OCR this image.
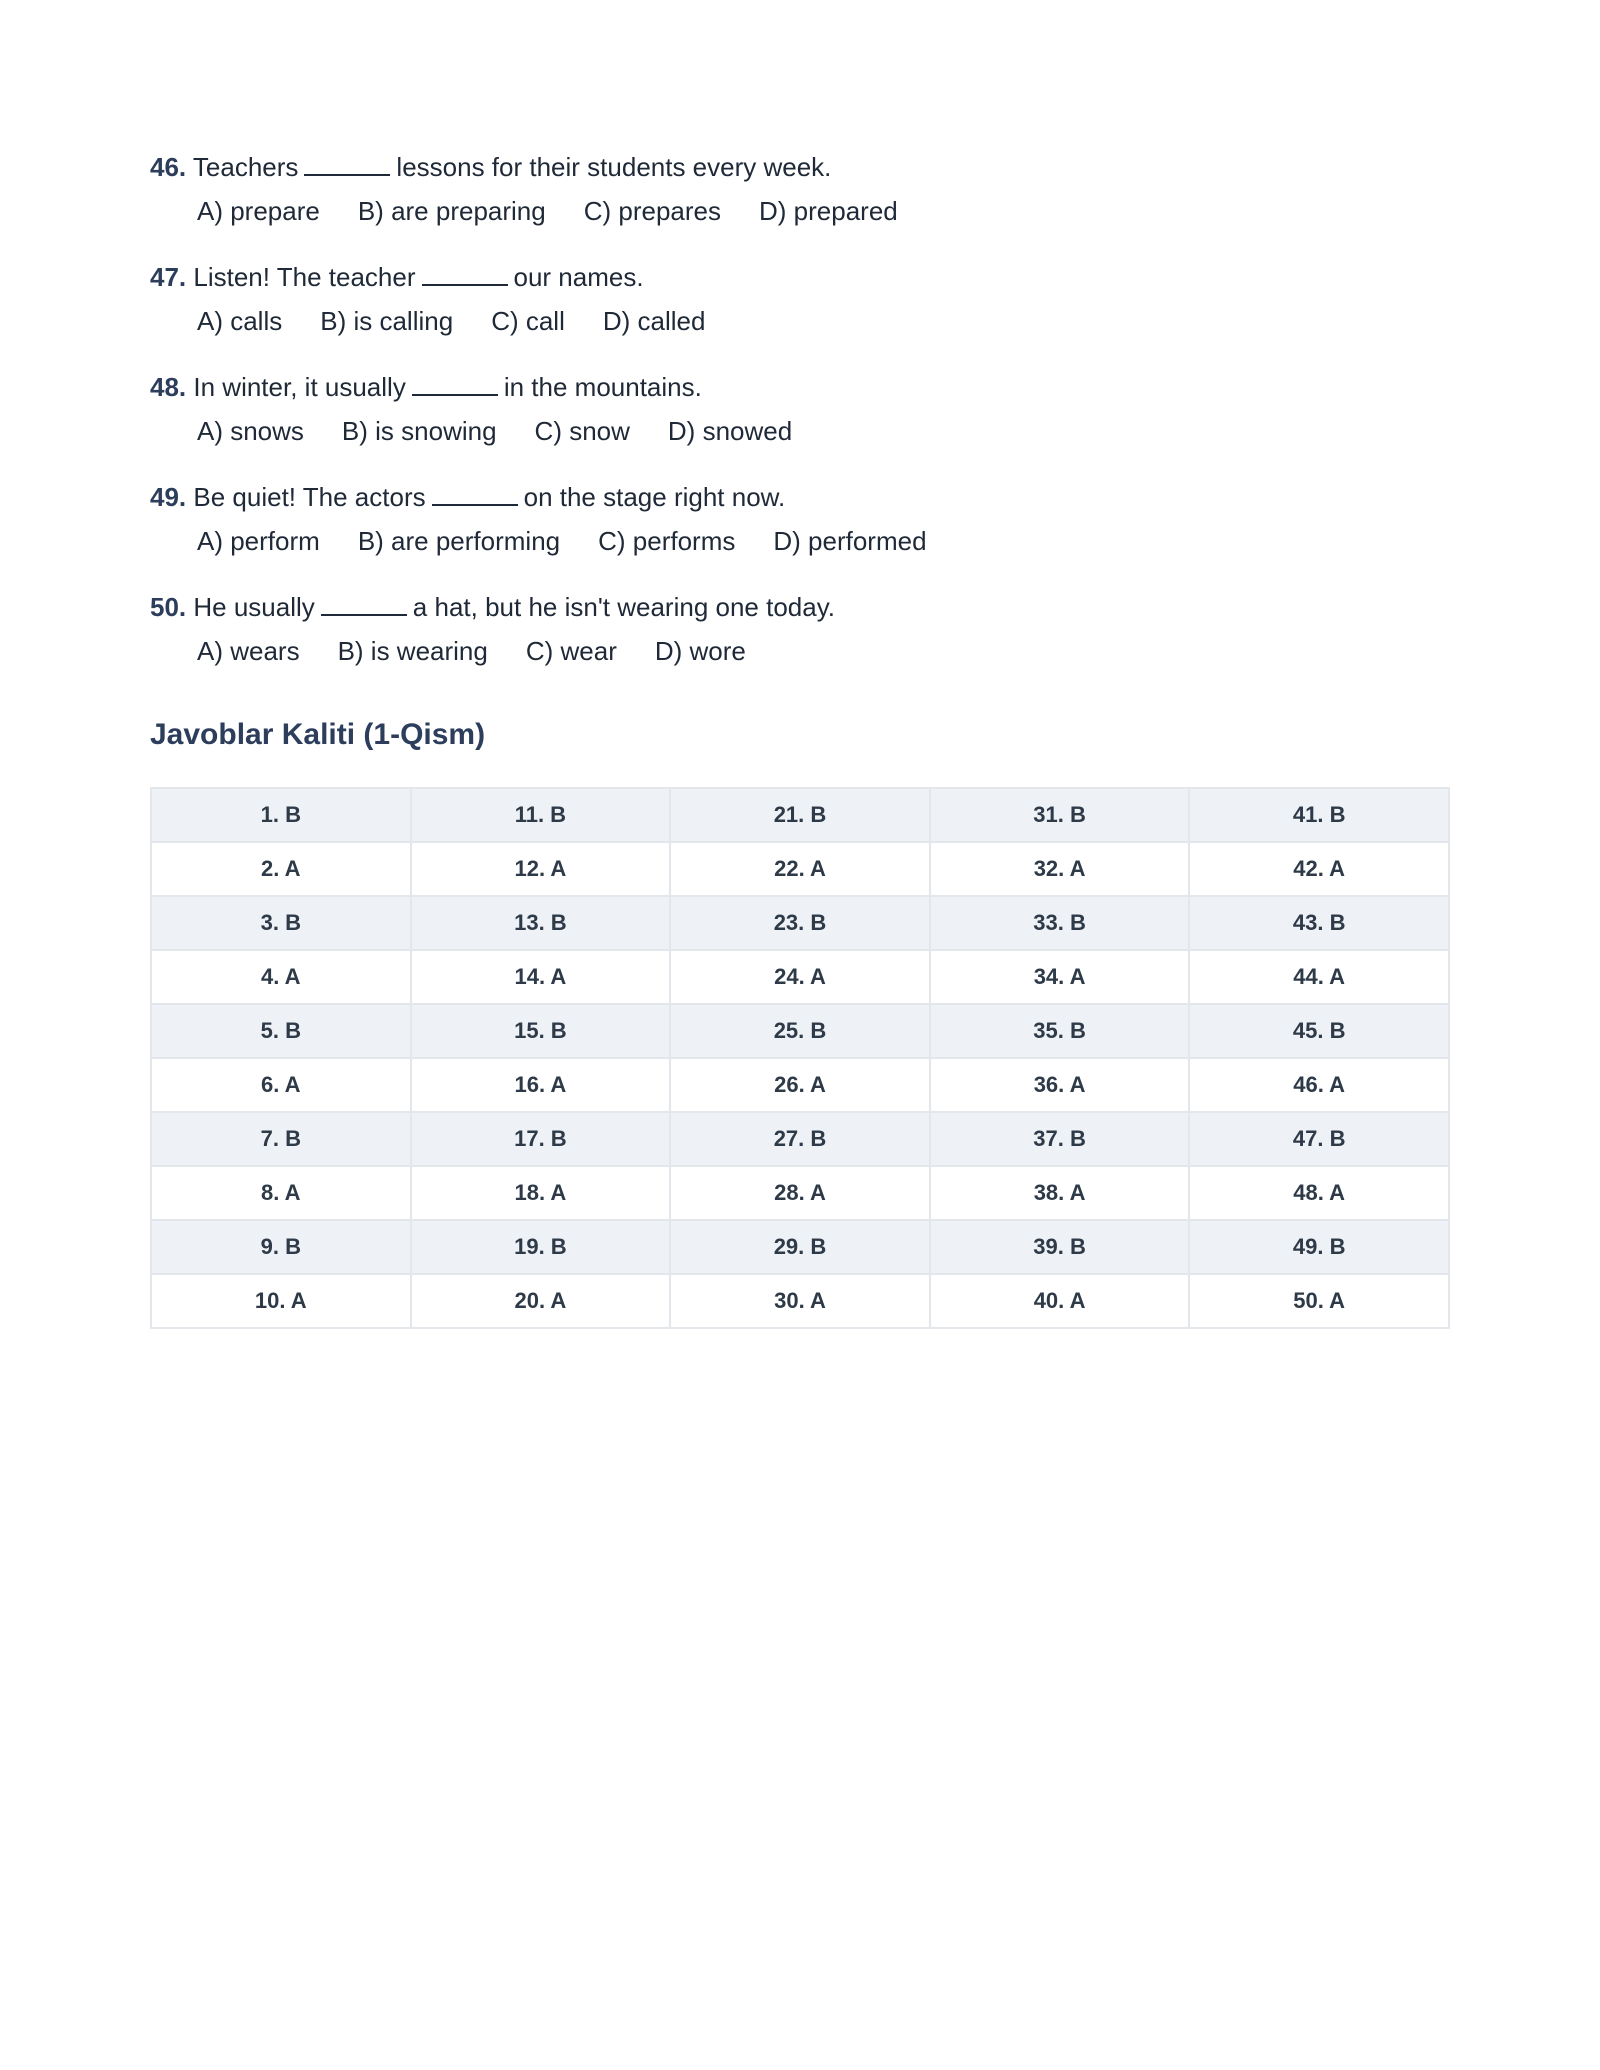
46. Teachers	lessons for their students every week.
A) prepare B) are preparing C) prepares D) prepared
47. Listen! The teacher	our names.
A) calls B) is calling C) call D) called
48. In winter, it usually	in the mountains.
A) snows B) is snowing C) snow D) snowed
49. Be quiet! The actors	on the stage right now.
A) perform B) are performing C) performs D) performed
50. He usually	a hat, but he isn't wearing one today.
A) wears B) is wearing C) wear D) wore
Javoblar Kaliti (1-Qism)
1. B	11. B	21. B	31. B	41. B
2. A	12. A	22. A	32. A	42. A
3. B	13. B	23. B	33. B	43. B
4. A	14. A	24. A	34. A	44. A
5. B	15. B	25. B	35. B	45. B
6. A	16. A	26. A	36. A	46. A
7. B	17. B	27. B	37. B	47. B
8. A	18. A	28. A	38. A	48. A
9. B	19. B	29. B	39. B	49. B
10. A	20. A	30. A	40. A	50. A
